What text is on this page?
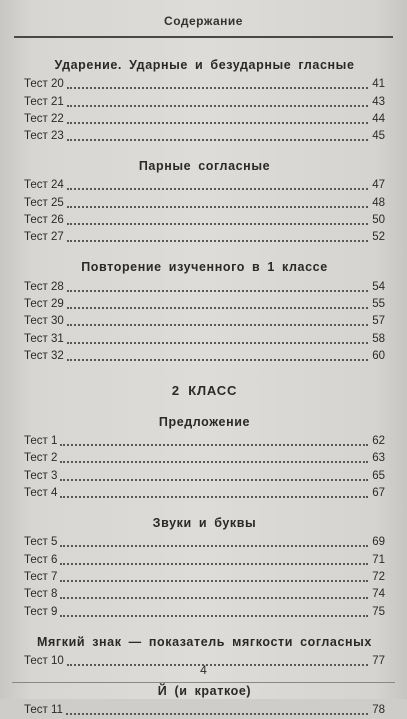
Содержание
Ударение. Ударные и безударные гласные
Тест 20	41
Тест 21	43
Тест 22	44
Тест 23	45
Парные согласные
Тест 24	47
Тест 25	48
Тест 26	50
Тест 27	52
Повторение изученного в 1 классе
Тест 28	54
Тест 29	55
Тест 30	57
Тест 31	58
Тест 32	60
2 КЛАСС
Предложение
Тест 1	62
Тест 2	63
Тест 3	65
Тест 4	67
Звуки и буквы
Тест 5	69
Тест 6	71
Тест 7	72
Тест 8	74
Тест 9	75
Мягкий знак — показатель мягкости согласных
Тест 10	77
Й (и краткое)
Тест 11	78
4
